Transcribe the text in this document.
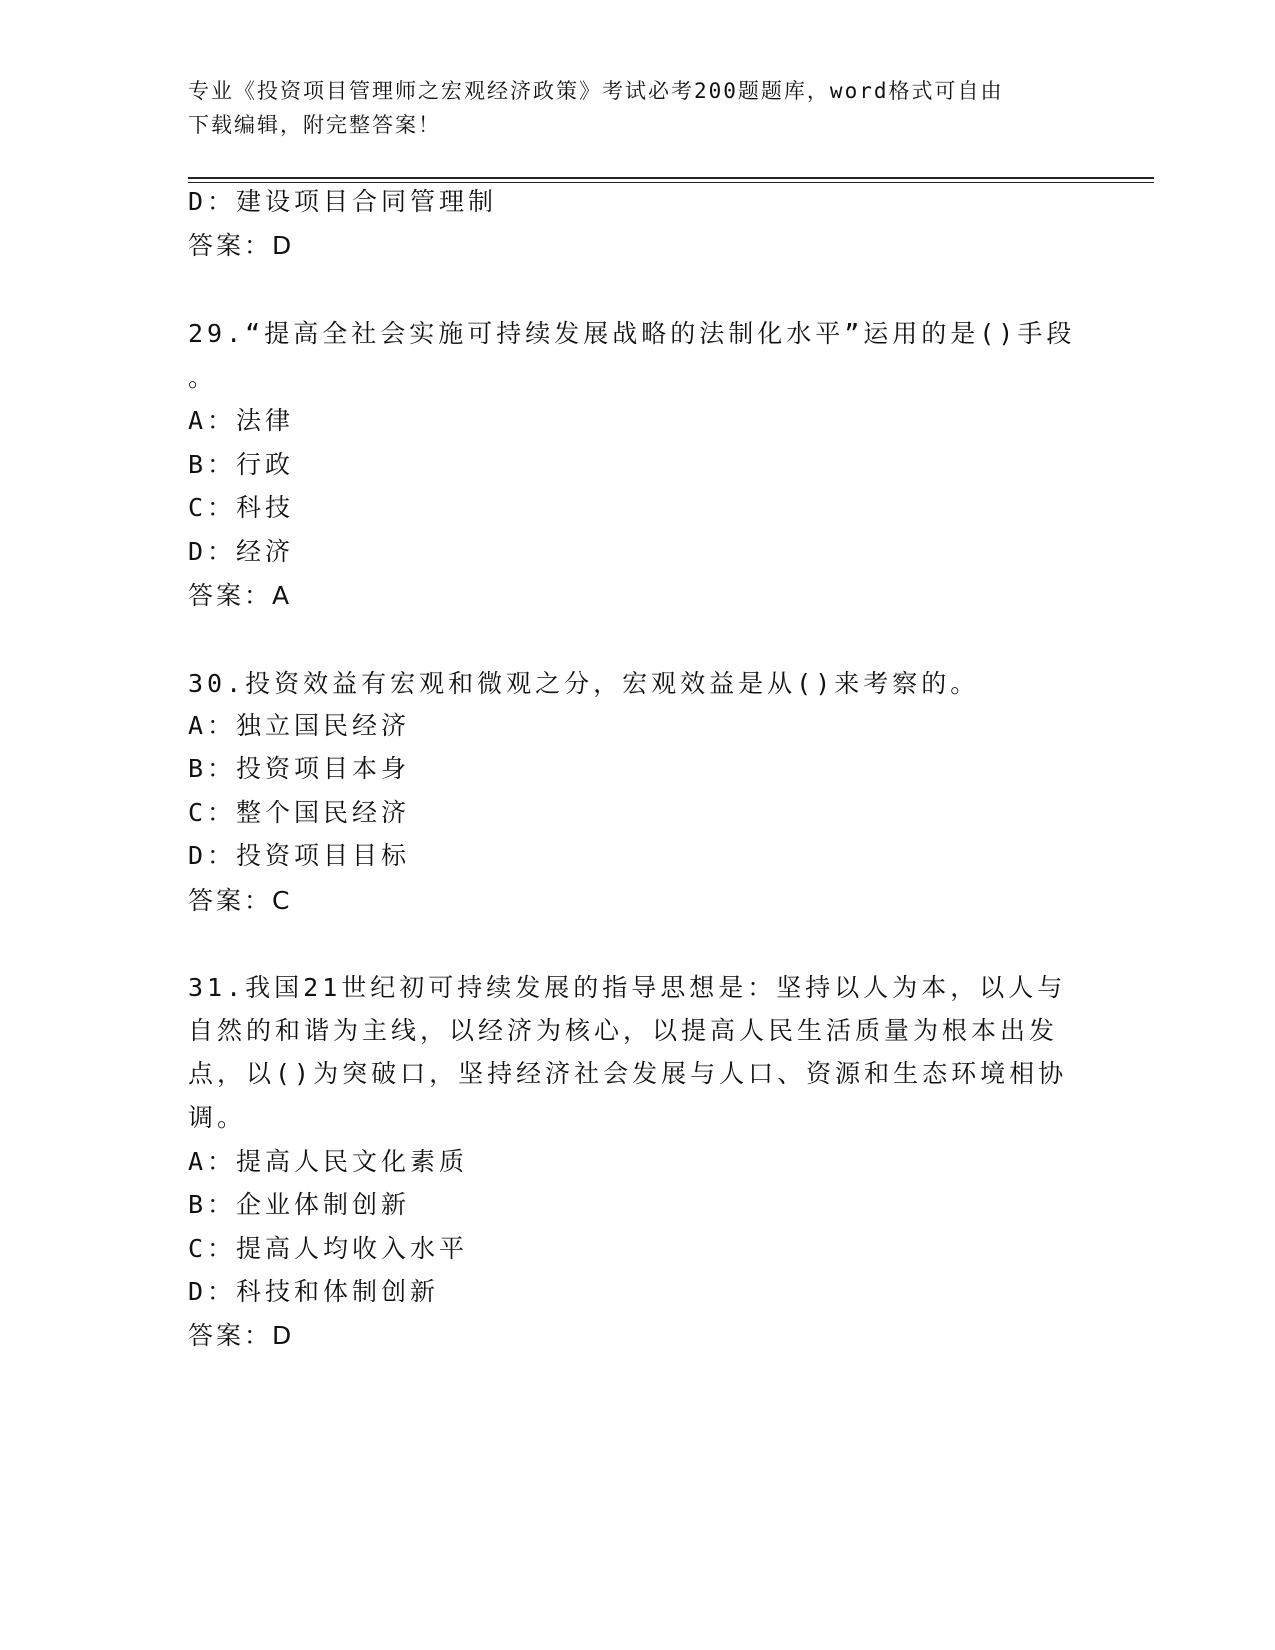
专业《投资项目管理师之宏观经济政策》考试必考200题题库，word格式可自由
下载编辑，附完整答案！
D：建设项目合同管理制
答案：D
29.“提高全社会实施可持续发展战略的法制化水平”运用的是()手段
。
A：法律
B：行政
C：科技
D：经济
答案：A
30.投资效益有宏观和微观之分，宏观效益是从()来考察的。
A：独立国民经济
B：投资项目本身
C：整个国民经济
D：投资项目目标
答案：C
31.我国21世纪初可持续发展的指导思想是：坚持以人为本，以人与
自然的和谐为主线，以经济为核心，以提高人民生活质量为根本出发
点，以()为突破口，坚持经济社会发展与人口、资源和生态环境相协
调。
A：提高人民文化素质
B：企业体制创新
C：提高人均收入水平
D：科技和体制创新
答案：D
